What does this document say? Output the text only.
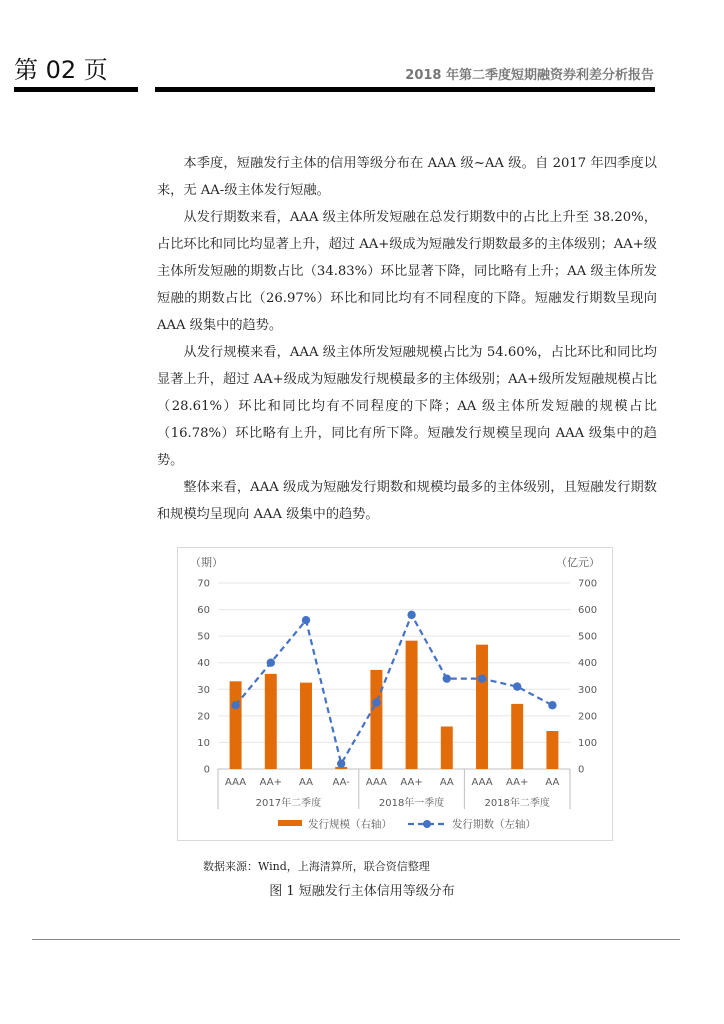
第 02 页	2018 年第二季度短期融资券利差分析报告

本季度，短融发行主体的信用等级分布在 AAA 级~AA 级。自 2017 年四季度以来，无 AA-级主体发行短融。

从发行期数来看，AAA 级主体所发短融在总发行期数中的占比上升至 38.20%，占比环比和同比均显著上升，超过 AA+级成为短融发行期数最多的主体级别；AA+级主体所发短融的期数占比（34.83%）环比显著下降，同比略有上升；AA 级主体所发短融的期数占比（26.97%）环比和同比均有不同程度的下降。短融发行期数呈现向 AAA 级集中的趋势。

从发行规模来看，AAA 级主体所发短融规模占比为 54.60%，占比环比和同比均显著上升，超过 AA+级成为短融发行规模最多的主体级别；AA+级所发短融规模占比（28.61%）环比和同比均有不同程度的下降；AA 级主体所发短融的规模占比（16.78%）环比略有上升，同比有所下降。短融发行规模呈现向 AAA 级集中的趋势。

整体来看，AAA 级成为短融发行期数和规模均最多的主体级别，且短融发行期数和规模均呈现向 AAA 级集中的趋势。

0
10
20
30
40
50
60
70
0
100
200
300
400
500
600
700
（期）	（亿元）
AAA AA+ AA AA- AAA AA+ AA AAA AA+ AA
2017年二季度	2018年一季度	2018年二季度
发行规模（右轴）	发行期数（左轴）
数据来源：Wind，上海清算所，联合资信整理
图 1 短融发行主体信用等级分布
